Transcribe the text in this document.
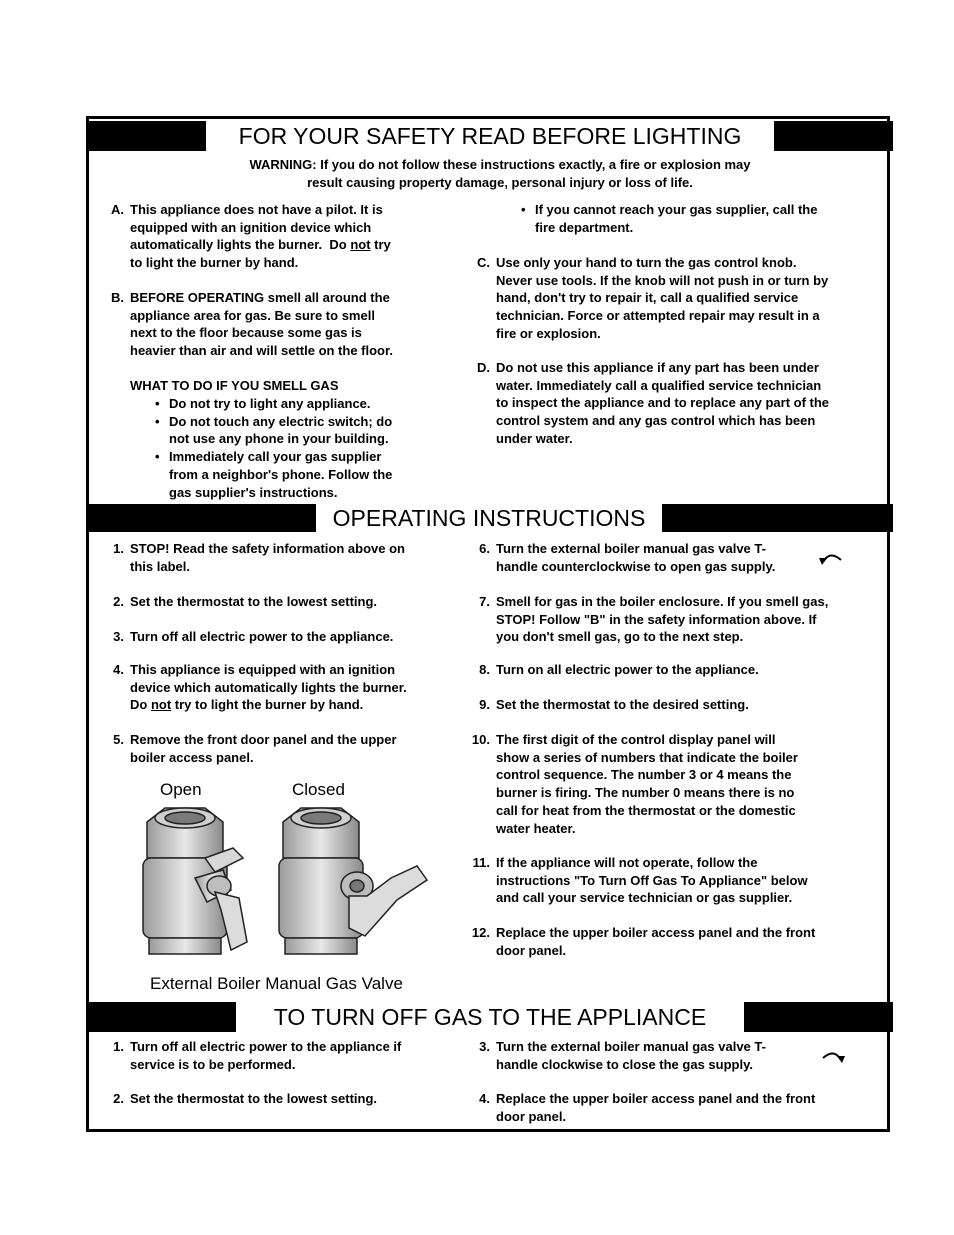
FOR YOUR SAFETY READ BEFORE LIGHTING

WARNING: If you do not follow these instructions exactly, a fire or explosion may

result causing property damage, personal injury or loss of life.

A. This appliance does not have a pilot. It is

equipped with an ignition device which

automatically lights the burner.  Do not try

to light the burner by hand.

B. BEFORE OPERATING smell all around the

appliance area for gas. Be sure to smell

next to the floor because some gas is

heavier than air and will settle on the floor.

WHAT TO DO IF YOU SMELL GAS

• Do not try to light any appliance.

• Do not touch any electric switch; do

not use any phone in your building.

• Immediately call your gas supplier

from a neighbor's phone. Follow the

gas supplier's instructions.

• If you cannot reach your gas supplier, call the

fire department.

C. Use only your hand to turn the gas control knob.

Never use tools. If the knob will not push in or turn by

hand, don't try to repair it, call a qualified service

technician. Force or attempted repair may result in a

fire or explosion.

D. Do not use this appliance if any part has been under

water. Immediately call a qualified service technician

to inspect the appliance and to replace any part of the

control system and any gas control which has been

under water.

OPERATING INSTRUCTIONS
1. STOP! Read the safety information above on

this label.

2. Set the thermostat to the lowest setting.
3. Turn off all electric power to the appliance.
4. This appliance is equipped with an ignition

device which automatically lights the burner.

Do not try to light the burner by hand.

5. Remove the front door panel and the upper

boiler access panel.

Open	Closed
External Boiler Manual Gas Valve
6. Turn the external boiler manual gas valve T-

handle counterclockwise to open gas supply.

7. Smell for gas in the boiler enclosure. If you smell gas,

STOP! Follow "B" in the safety information above. If

you don't smell gas, go to the next step.

8. Turn on all electric power to the appliance.
9. Set the thermostat to the desired setting.
10. The first digit of the control display panel will

show a series of numbers that indicate the boiler

control sequence. The number 3 or 4 means the

burner is firing. The number 0 means there is no

call for heat from the thermostat or the domestic

water heater.

11. If the appliance will not operate, follow the

instructions "To Turn Off Gas To Appliance" below

and call your service technician or gas supplier.

12. Replace the upper boiler access panel and the front

door panel.

TO TURN OFF GAS TO THE APPLIANCE
1. Turn off all electric power to the appliance if

service is to be performed.

2. Set the thermostat to the lowest setting.
3. Turn the external boiler manual gas valve T-

handle clockwise to close the gas supply.

4. Replace the upper boiler access panel and the front

door panel.
